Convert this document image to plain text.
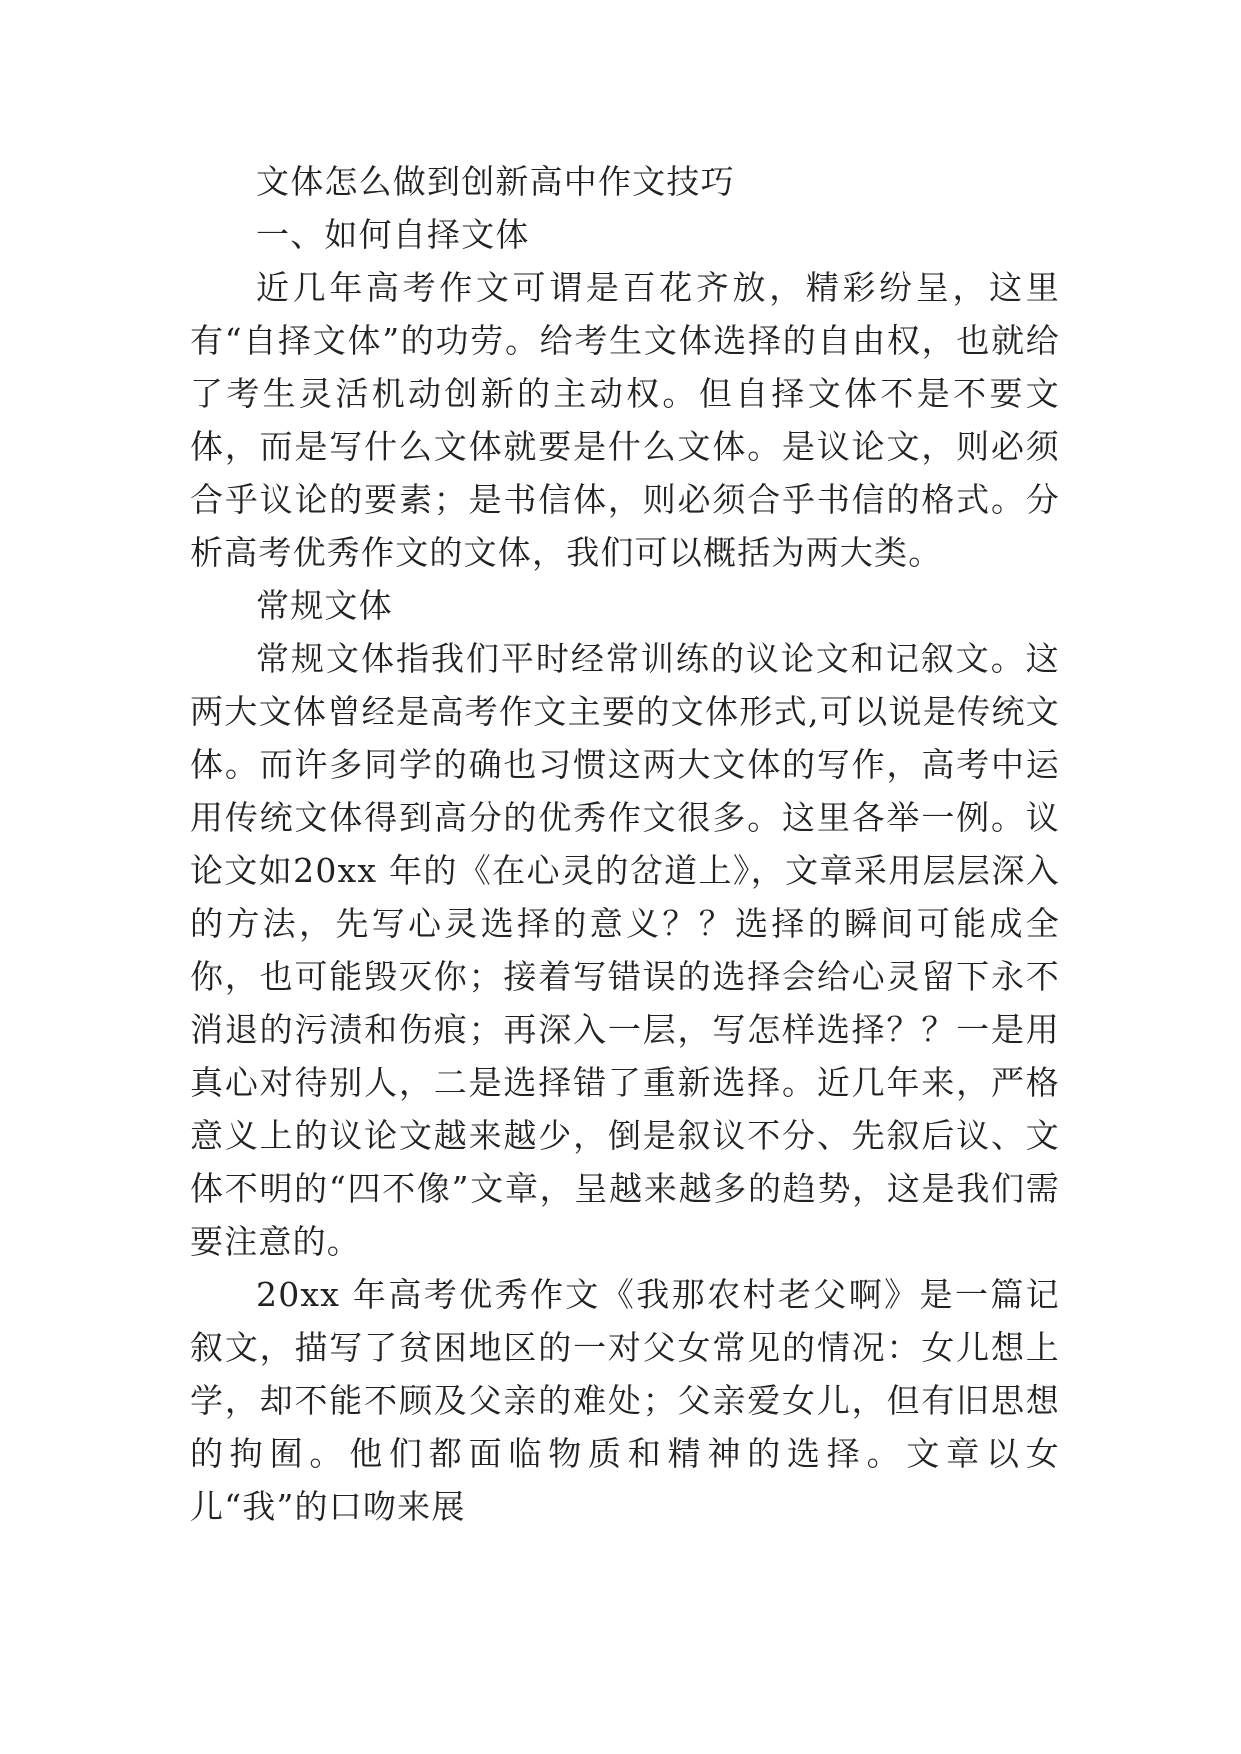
文体怎么做到创新高中作文技巧

一、如何自择文体

近几年高考作文可谓是百花齐放，精彩纷呈，这里有“自择文体”的功劳。给考生文体选择的自由权，也就给了考生灵活机动创新的主动权。但自择文体不是不要文体，而是写什么文体就要是什么文体。是议论文，则必须合乎议论的要素；是书信体，则必须合乎书信的格式。分析高考优秀作文的文体，我们可以概括为两大类。

常规文体

常规文体指我们平时经常训练的议论文和记叙文。这两大文体曾经是高考作文主要的文体形式,可以说是传统文体。而许多同学的确也习惯这两大文体的写作，高考中运用传统文体得到高分的优秀作文很多。这里各举一例。议论文如20xx 年的《在心灵的岔道上》，文章采用层层深入的方法，先写心灵选择的意义？？选择的瞬间可能成全你，也可能毁灭你；接着写错误的选择会给心灵留下永不消退的污渍和伤痕；再深入一层，写怎样选择？？一是用真心对待别人，二是选择错了重新选择。近几年来，严格意义上的议论文越来越少，倒是叙议不分、先叙后议、文体不明的“四不像”文章，呈越来越多的趋势，这是我们需要注意的。

20xx 年高考优秀作文《我那农村老父啊》是一篇记叙文，描写了贫困地区的一对父女常见的情况：女儿想上学，却不能不顾及父亲的难处；父亲爱女儿，但有旧思想的拘囿。他们都面临物质和精神的选择。文章以女儿“我”的口吻来展
